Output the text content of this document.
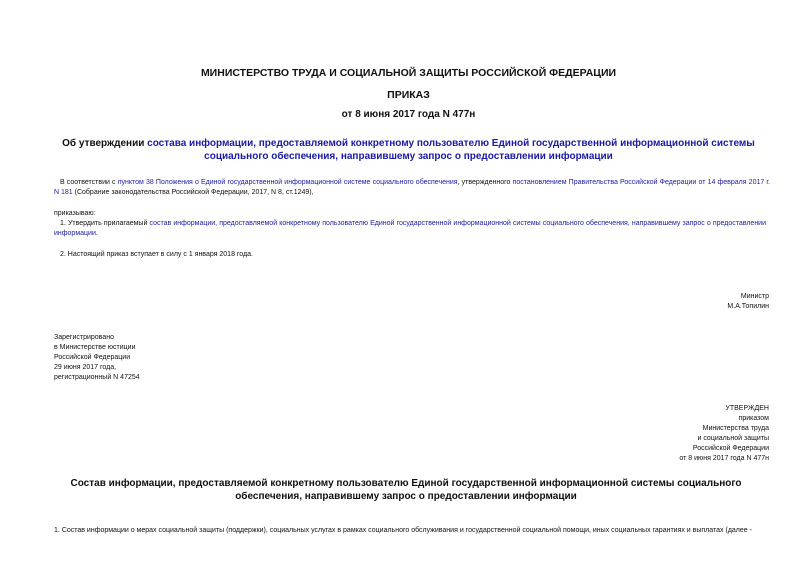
МИНИСТЕРСТВО ТРУДА И СОЦИАЛЬНОЙ ЗАЩИТЫ РОССИЙСКОЙ ФЕДЕРАЦИИ
ПРИКАЗ
от 8 июня 2017 года N 477н
Об утверждении состава информации, предоставляемой конкретному пользователю Единой государственной информационной системы социального обеспечения, направившему запрос о предоставлении информации
В соответствии с пунктом 38 Положения о Единой государственной информационной системе социального обеспечения, утвержденного постановлением Правительства Российской Федерации от 14 февраля 2017 г. N 181 (Собрание законодательства Российской Федерации, 2017, N 8, ст.1249),
приказываю:
1. Утвердить прилагаемый состав информации, предоставляемой конкретному пользователю Единой государственной информационной системы социального обеспечения, направившему запрос о предоставлении информации.
2. Настоящий приказ вступает в силу с 1 января 2018 года.
Министр
М.А.Топилин
Зарегистрировано
в Министерстве юстиции
Российской Федерации
29 июня 2017 года,
регистрационный N 47254
УТВЕРЖДЕН
приказом
Министерства труда
и социальной защиты
Российской Федерации
от 8 июня 2017 года N 477н
Состав информации, предоставляемой конкретному пользователю Единой государственной информационной системы социального обеспечения, направившему запрос о предоставлении информации
1. Состав информации о мерах социальной защиты (поддержки), социальных услугах в рамках социального обслуживания и государственной социальной помощи, иных социальных гарантиях и выплатах (далее -
